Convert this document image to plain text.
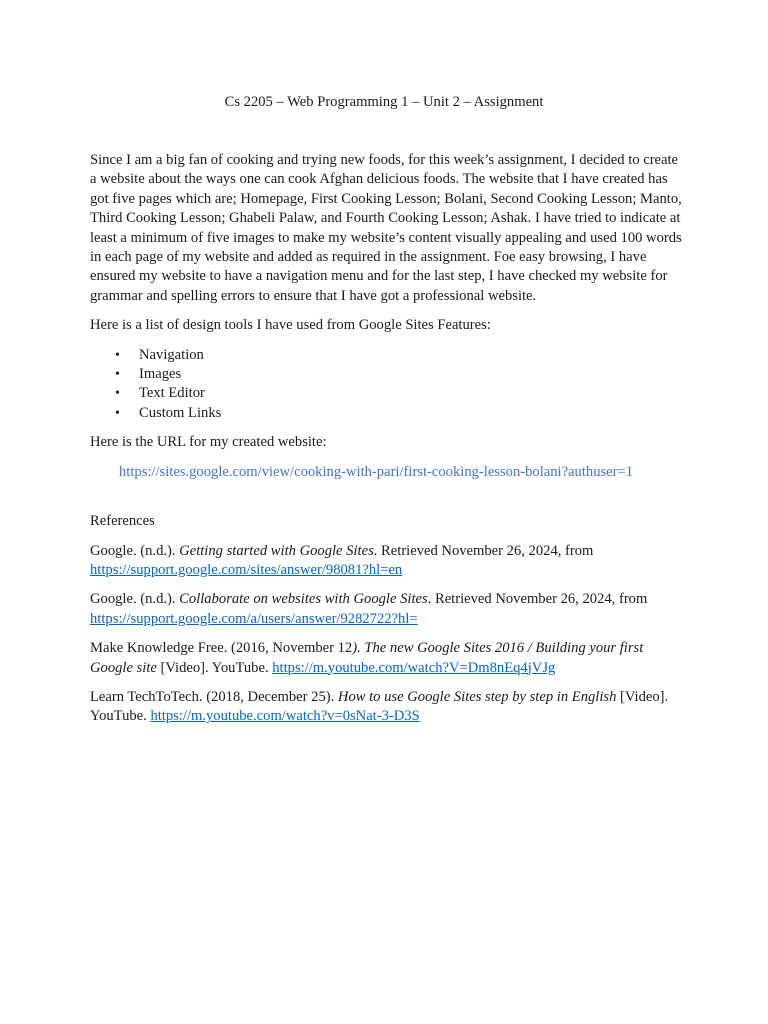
Cs 2205 – Web Programming 1 – Unit 2 – Assignment

Since I am a big fan of cooking and trying new foods, for this week’s assignment, I decided to create a website about the ways one can cook Afghan delicious foods. The website that I have created has got five pages which are; Homepage, First Cooking Lesson; Bolani, Second Cooking Lesson; Manto, Third Cooking Lesson; Ghabeli Palaw, and Fourth Cooking Lesson; Ashak. I have tried to indicate at least a minimum of five images to make my website’s content visually appealing and used 100 words in each page of my website and added as required in the assignment. Foe easy browsing, I have ensured my website to have a navigation menu and for the last step, I have checked my website for grammar and spelling errors to ensure that I have got a professional website.

Here is a list of design tools I have used from Google Sites Features:

• Navigation
• Images
• Text Editor
• Custom Links

Here is the URL for my created website:

https://sites.google.com/view/cooking-with-pari/first-cooking-lesson-bolani?authuser=1

References

Google. (n.d.). Getting started with Google Sites. Retrieved November 26, 2024, from https://support.google.com/sites/answer/98081?hl=en

Google. (n.d.). Collaborate on websites with Google Sites. Retrieved November 26, 2024, from https://support.google.com/a/users/answer/9282722?hl=

Make Knowledge Free. (2016, November 12). The new Google Sites 2016 / Building your first Google site [Video]. YouTube. https://m.youtube.com/watch?V=Dm8nEq4jVJg

Learn TechToTech. (2018, December 25). How to use Google Sites step by step in English [Video]. YouTube. https://m.youtube.com/watch?v=0sNat-3-D3S
